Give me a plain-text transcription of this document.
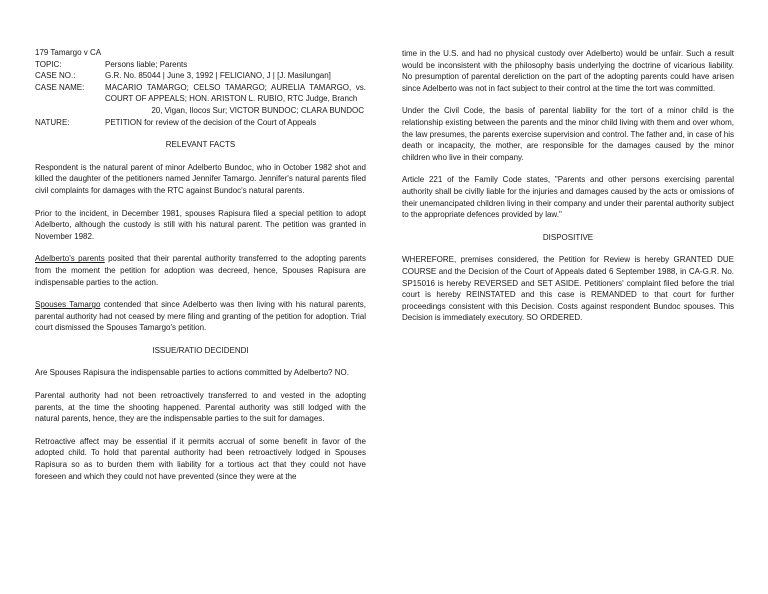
179 Tamargo v CA

TOPIC:	Persons liable; Parents
CASE NO.:	G.R. No. 85044 | June 3, 1992 | FELICIANO, J | [J. Masilungan]
CASE NAME:	MACARIO TAMARGO; CELSO TAMARGO; AURELIA TAMARGO, vs. COURT OF APPEALS; HON. ARISTON L. RUBIO, RTC Judge, Branch
20, Vigan, Ilocos Sur; VICTOR BUNDOC; CLARA BUNDOC
NATURE:	PETITION for review of the decision of the Court of Appeals

RELEVANT FACTS

Respondent is the natural parent of minor Adelberto Bundoc, who in October 1982 shot and killed the daughter of the petitioners named Jennifer Tamargo. Jennifer's natural parents filed civil complaints for damages with the RTC against Bundoc's natural parents.

Prior to the incident, in December 1981, spouses Rapisura filed a special petition to adopt Adelberto, although the custody is still with his natural parent. The petition was granted in November 1982.

Adelberto's parents posited that their parental authority transferred to the adopting parents from the moment the petition for adoption was decreed, hence, Spouses Rapisura are indispensable parties to the action.

Spouses Tamargo contended that since Adelberto was then living with his natural parents, parental authority had not ceased by mere filing and granting of the petition for adoption. Trial court dismissed the Spouses Tamargo's petition.

ISSUE/RATIO DECIDENDI

Are Spouses Rapisura the indispensable parties to actions committed by Adelberto? NO.

Parental authority had not been retroactively transferred to and vested in the adopting parents, at the time the shooting happened. Parental authority was still lodged with the natural parents, hence, they are the indispensable parties to the suit for damages.

Retroactive affect may be essential if it permits accrual of some benefit in favor of the adopted child. To hold that parental authority had been retroactively lodged in Spouses Rapisura so as to burden them with liability for a tortious act that they could not have foreseen and which they could not have prevented (since they were at the

time in the U.S. and had no physical custody over Adelberto) would be unfair. Such a result would be inconsistent with the philosophy basis underlying the doctrine of vicarious liability. No presumption of parental dereliction on the part of the adopting parents could have arisen since Adelberto was not in fact subject to their control at the time the tort was committed.

Under the Civil Code, the basis of parental liability for the tort of a minor child is the relationship existing between the parents and the minor child living with them and over whom, the law presumes, the parents exercise supervision and control. The father and, in case of his death or incapacity, the mother, are responsible for the damages caused by the minor children who live in their company.

Article 221 of the Family Code states, "Parents and other persons exercising parental authority shall be civilly liable for the injuries and damages caused by the acts or omissions of their unemancipated children living in their company and under their parental authority subject to the appropriate defences provided by law."

DISPOSITIVE

WHEREFORE, premises considered, the Petition for Review is hereby GRANTED DUE COURSE and the Decision of the Court of Appeals dated 6 September 1988, in CA-G.R. No. SP15016 is hereby REVERSED and SET ASIDE. Petitioners' complaint filed before the trial court is hereby REINSTATED and this case is REMANDED to that court for further proceedings consistent with this Decision. Costs against respondent Bundoc spouses. This Decision is immediately executory. SO ORDERED.
